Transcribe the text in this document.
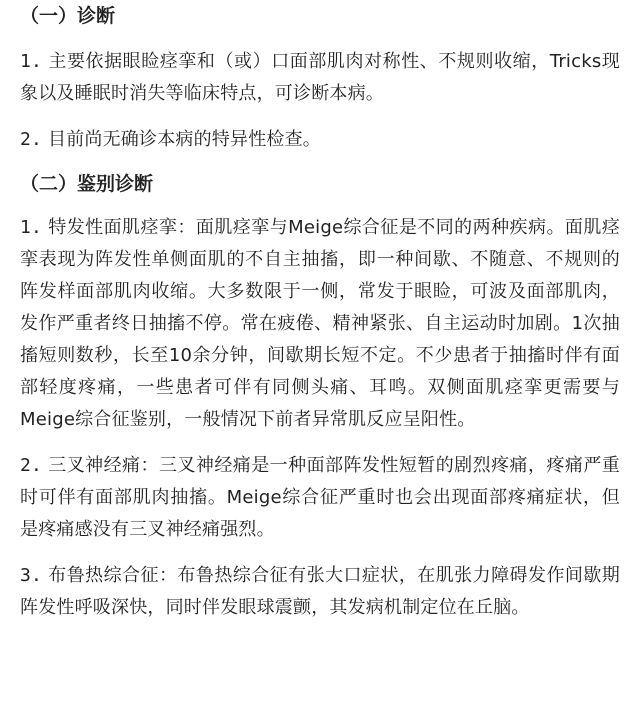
（一）诊断

1. 主要依据眼睑痉挛和（或）口面部肌肉对称性、不规则收缩，Tricks现象以及睡眠时消失等临床特点，可诊断本病。

2. 目前尚无确诊本病的特异性检查。

（二）鉴别诊断

1. 特发性面肌痉挛：面肌痉挛与Meige综合征是不同的两种疾病。面肌痉挛表现为阵发性单侧面肌的不自主抽搐，即一种间歇、不随意、不规则的阵发样面部肌肉收缩。大多数限于一侧，常发于眼睑，可波及面部肌肉，发作严重者终日抽搐不停。常在疲倦、精神紧张、自主运动时加剧。1次抽搐短则数秒，长至10余分钟，间歇期长短不定。不少患者于抽搐时伴有面部轻度疼痛，一些患者可伴有同侧头痛、耳鸣。双侧面肌痉挛更需要与Meige综合征鉴别，一般情况下前者异常肌反应呈阳性。

2. 三叉神经痛：三叉神经痛是一种面部阵发性短暂的剧烈疼痛，疼痛严重时可伴有面部肌肉抽搐。Meige综合征严重时也会出现面部疼痛症状，但是疼痛感没有三叉神经痛强烈。

3. 布鲁热综合征：布鲁热综合征有张大口症状，在肌张力障碍发作间歇期阵发性呼吸深快，同时伴发眼球震颤，其发病机制定位在丘脑。
